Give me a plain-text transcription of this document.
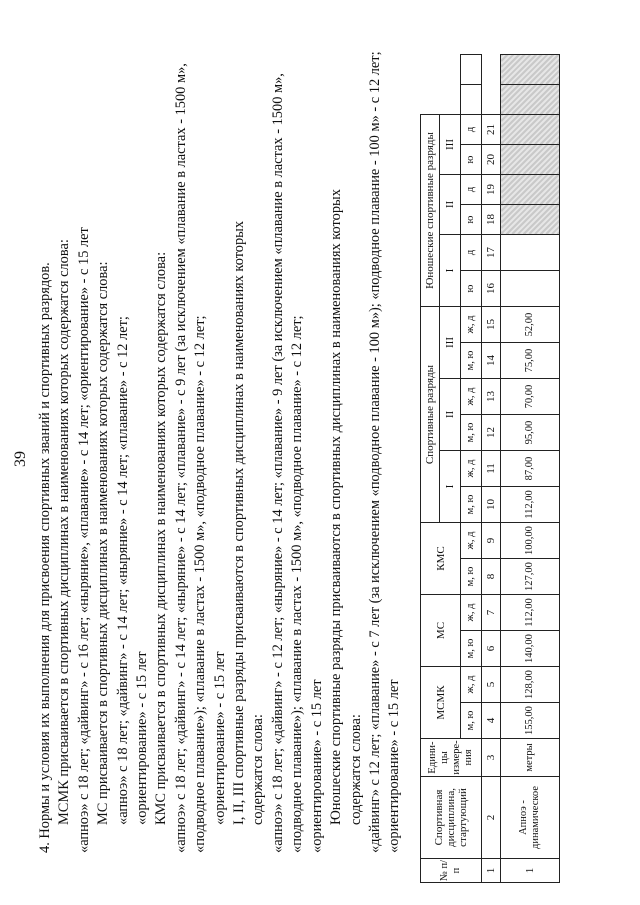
39 4. Нормы и условия их выполнения для присвоения спортивных званий и спортивных разрядов. МСМК присваивается в спортивных дисциплинах в наименованиях которых содержатся слова: «апноэ» с 18 лет; «дайвинг» - с 16 лет; «ныряние», «плавание» - с 14 лет; «ориентирование» - с 15 лет МС присваивается в спортивных дисциплинах в наименованиях которых содержатся слова: «апноэ» с 18 лет; «дайвинг» - с 14 лет; «ныряние» - с 14 лет; «плавание» - с 12 лет; «ориентирование» - с 15 лет КМС присваивается в спортивных дисциплинах в наименованиях которых содержатся слова: «апноэ» с 18 лет; «дайвинг» - с 14 лет; «ныряние» - с 14 лет; «плавание» - с 9 лет (за исключением «плавание в ластах - 1500 м», «подводное плавание»); «плавание в ластах - 1500 м», «подводное плавание» - с 12 лет; «ориентирование» - с 15 лет I, II, III спортивные разряды присваиваются в спортивных дисциплинах в наименованиях которых содержатся слова: «апноэ» с 18 лет; «дайвинг» - с 12 лет; «ныряние» - с 14 лет; «плавание» - 9 лет (за исключением «плавание в ластах - 1500 м», «подводное плавание»); «плавание в ластах - 1500 м», «подводное плавание» - с 12 лет; «ориентирование» - с 15 лет Юношеские спортивные разряды присваиваются в спортивных дисциплинах в наименованиях которых содержатся слова: «дайвинг» с 12 лет; «плавание» - с 7 лет (за исключением «подводное плавание - 100 м»); «подводное плавание - 100 м» - с 12 лет; «ориентирование» - с 15 лет

№ п/п	Спортивная дисциплина, стартующий	Едини- цы измере- ния	МСМК		МС		КМС		Спортивные разряды						Юношеские спортивные разряды							
									I		II		III		I		II		III			
			м, ю	ж, д	м, ю	ж, д	м, ю	ж, д	м, ю	ж, д	м, ю	ж, д	м, ю	ж, д	ю	д	ю	д	ю	д		
1	2	3	4	5	6	7	8	9	10	11	12	13	14	15	16	17	18	19	20	21		
1	Апноэ - динамическое	метры	155,00	128,00	140,00	112,00	127,00	100,00	112,00	87,00	95,00	70,00	75,00	52,00								
